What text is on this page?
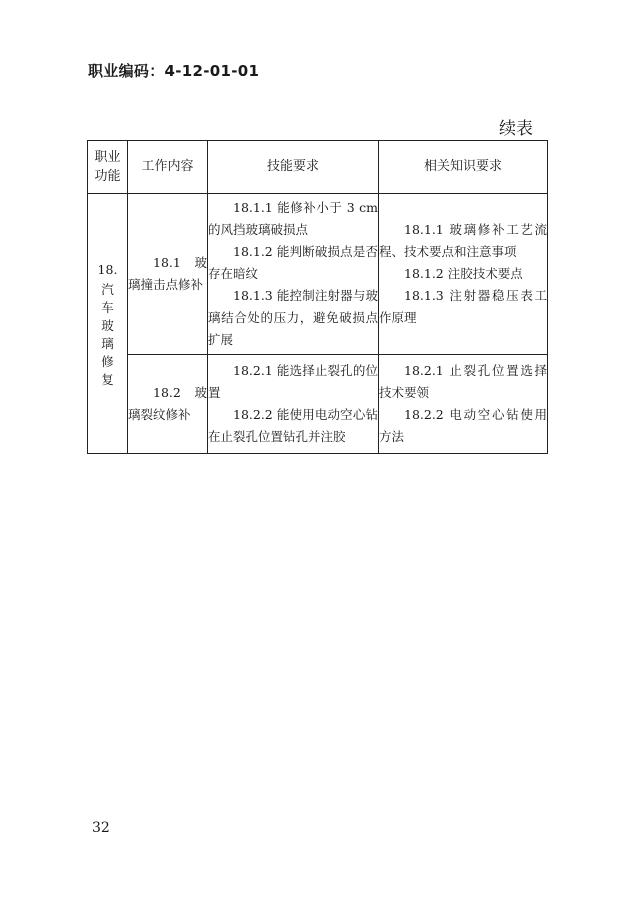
职业编码：4-12-01-01
续表
职业
功能	工作内容	技能要求	相关知识要求

18.
汽车玻璃修复	18.1 玻璃撞击点修补	18.1.1 能修补小于 3 cm 的风挡玻璃破损点
18.1.2 能判断破损点是否存在暗纹
18.1.3 能控制注射器与玻璃结合处的压力，避免破损点扩展	18.1.1 玻璃修补工艺流程、技术要点和注意事项
18.1.2 注胶技术要点
18.1.3 注射器稳压表工作原理

	18.2 玻璃裂纹修补	18.2.1 能选择止裂孔的位置
18.2.2 能使用电动空心钻在止裂孔位置钻孔并注胶	18.2.1 止裂孔位置选择技术要领
18.2.2 电动空心钻使用方法
32
